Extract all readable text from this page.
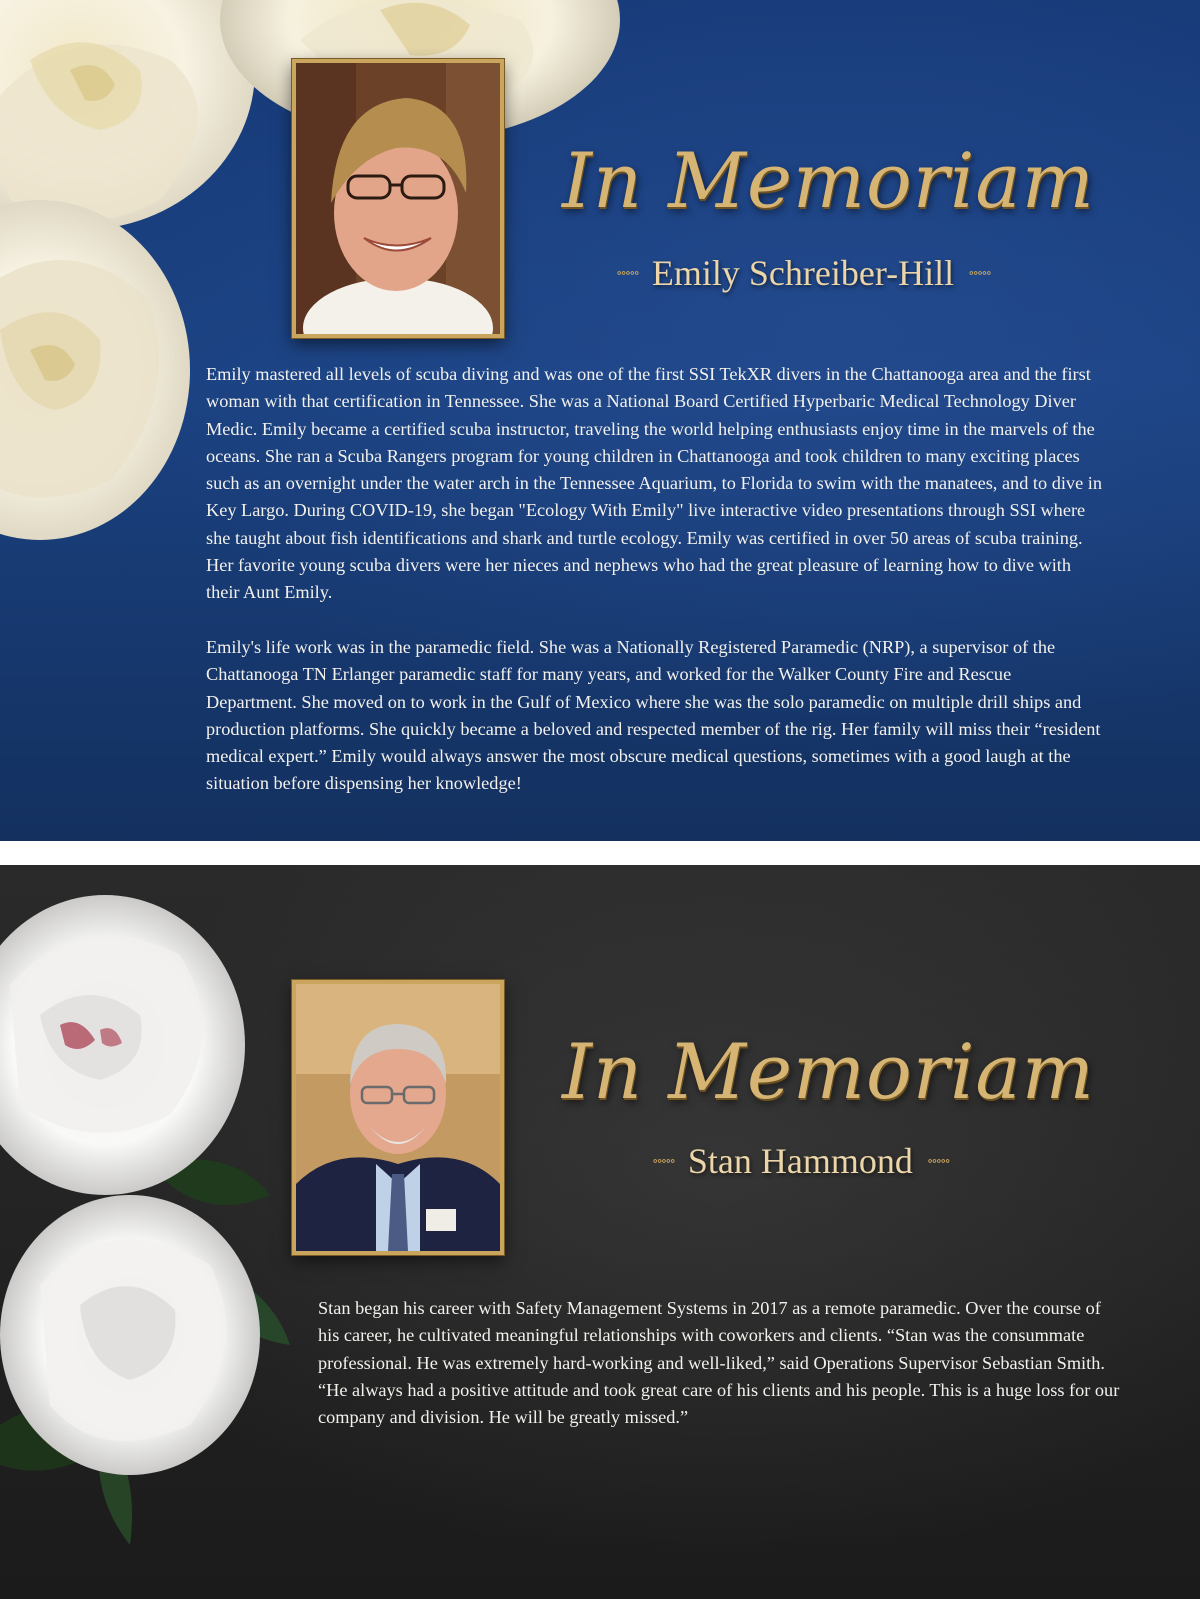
In Memoriam
∘∘∘∘∘ Emily Schreiber-Hill ∘∘∘∘∘

Emily mastered all levels of scuba diving and was one of the first SSI TekXR divers in the Chattanooga area and the first woman with that certification in Tennessee. She was a National Board Certified Hyperbaric Medical Technology Diver Medic. Emily became a certified scuba instructor, traveling the world helping enthusiasts enjoy time in the marvels of the oceans. She ran a Scuba Rangers program for young children in Chattanooga and took children to many exciting places such as an overnight under the water arch in the Tennessee Aquarium, to Florida to swim with the manatees, and to dive in Key Largo. During COVID-19, she began "Ecology With Emily" live interactive video presentations through SSI where she taught about fish identifications and shark and turtle ecology. Emily was certified in over 50 areas of scuba training. Her favorite young scuba divers were her nieces and nephews who had the great pleasure of learning how to dive with their Aunt Emily.

Emily's life work was in the paramedic field. She was a Nationally Registered Paramedic (NRP), a supervisor of the Chattanooga TN Erlanger paramedic staff for many years, and worked for the Walker County Fire and Rescue Department. She moved on to work in the Gulf of Mexico where she was the solo paramedic on multiple drill ships and production platforms. She quickly became a beloved and respected member of the rig. Her family will miss their “resident medical expert.” Emily would always answer the most obscure medical questions, sometimes with a good laugh at the situation before dispensing her knowledge!

In Memoriam
∘∘∘∘∘ Stan Hammond ∘∘∘∘∘

Stan began his career with Safety Management Systems in 2017 as a remote paramedic. Over the course of his career, he cultivated meaningful relationships with coworkers and clients. “Stan was the consummate professional. He was extremely hard-working and well-liked,” said Operations Supervisor Sebastian Smith. “He always had a positive attitude and took great care of his clients and his people. This is a huge loss for our company and division. He will be greatly missed.”
